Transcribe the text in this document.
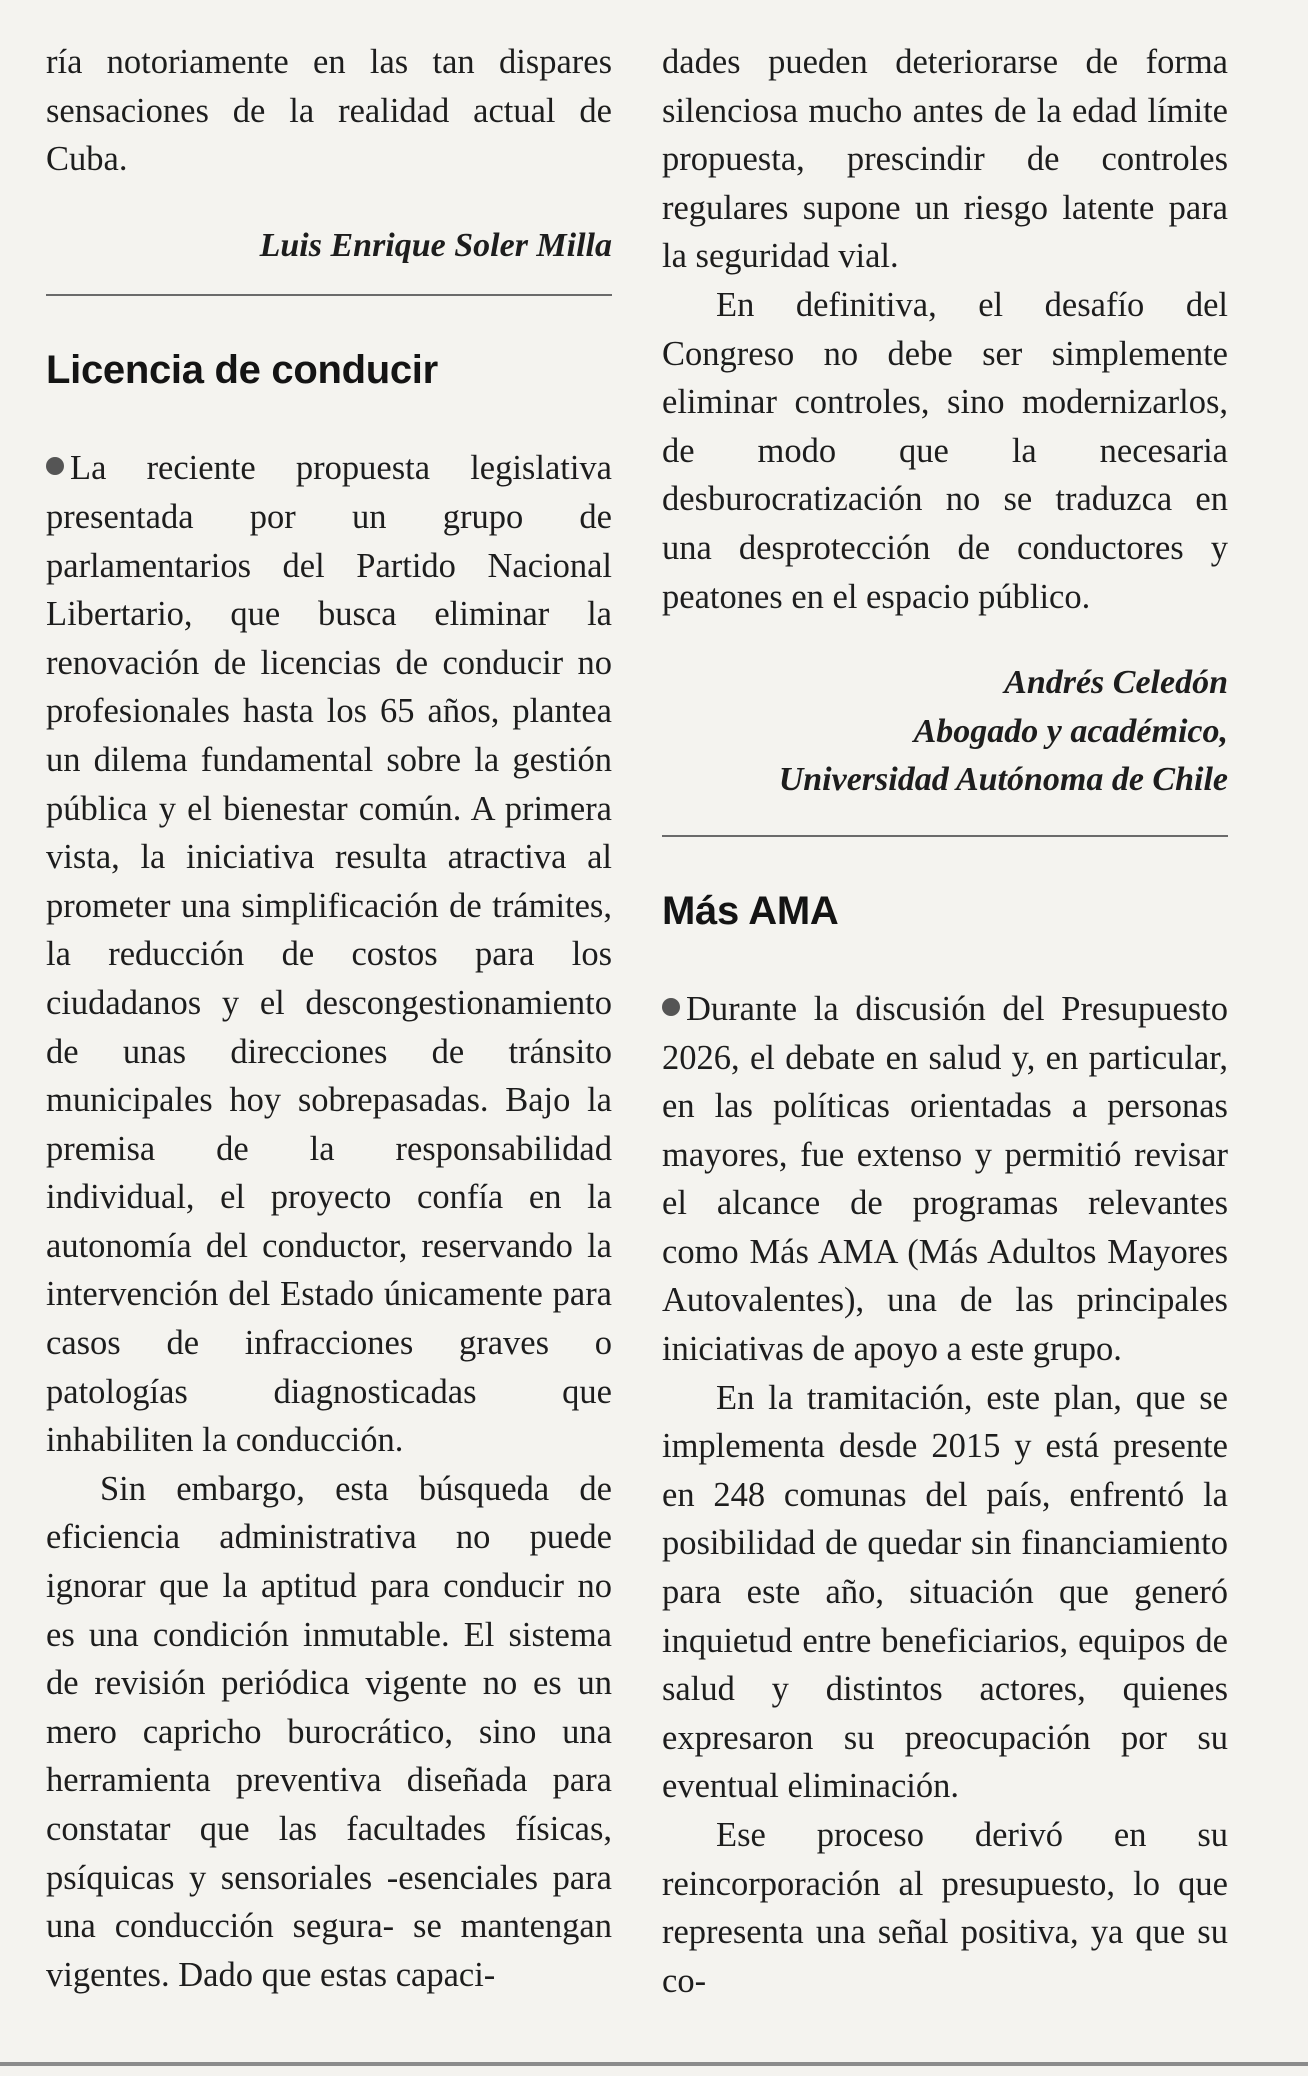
ría notoriamente en las tan dispares sensaciones de la realidad actual de Cuba.

Luis Enrique Soler Milla

Licencia de conducir

La reciente propuesta legislativa presentada por un grupo de parlamentarios del Partido Nacional Libertario, que busca eliminar la renovación de licencias de conducir no profesionales hasta los 65 años, plantea un dilema fundamental sobre la gestión pública y el bienestar común. A primera vista, la iniciativa resulta atractiva al prometer una simplificación de trámites, la reducción de costos para los ciudadanos y el descongestionamiento de unas direcciones de tránsito municipales hoy sobrepasadas. Bajo la premisa de la responsabilidad individual, el proyecto confía en la autonomía del conductor, reservando la intervención del Estado únicamente para casos de infracciones graves o patologías diagnosticadas que inhabiliten la conducción.

Sin embargo, esta búsqueda de eficiencia administrativa no puede ignorar que la aptitud para conducir no es una condición inmutable. El sistema de revisión periódica vigente no es un mero capricho burocrático, sino una herramienta preventiva diseñada para constatar que las facultades físicas, psíquicas y sensoriales -esenciales para una conducción segura- se mantengan vigentes. Dado que estas capaci-

dades pueden deteriorarse de forma silenciosa mucho antes de la edad límite propuesta, prescindir de controles regulares supone un riesgo latente para la seguridad vial.

En definitiva, el desafío del Congreso no debe ser simplemente eliminar controles, sino modernizarlos, de modo que la necesaria desburocratización no se traduzca en una desprotección de conductores y peatones en el espacio público.

Andrés Celedón

Abogado y académico,

Universidad Autónoma de Chile

Más AMA

Durante la discusión del Presupuesto 2026, el debate en salud y, en particular, en las políticas orientadas a personas mayores, fue extenso y permitió revisar el alcance de programas relevantes como Más AMA (Más Adultos Mayores Autovalentes), una de las principales iniciativas de apoyo a este grupo.

En la tramitación, este plan, que se implementa desde 2015 y está presente en 248 comunas del país, enfrentó la posibilidad de quedar sin financiamiento para este año, situación que generó inquietud entre beneficiarios, equipos de salud y distintos actores, quienes expresaron su preocupación por su eventual eliminación.

Ese proceso derivó en su reincorporación al presupuesto, lo que representa una señal positiva, ya que su co-
